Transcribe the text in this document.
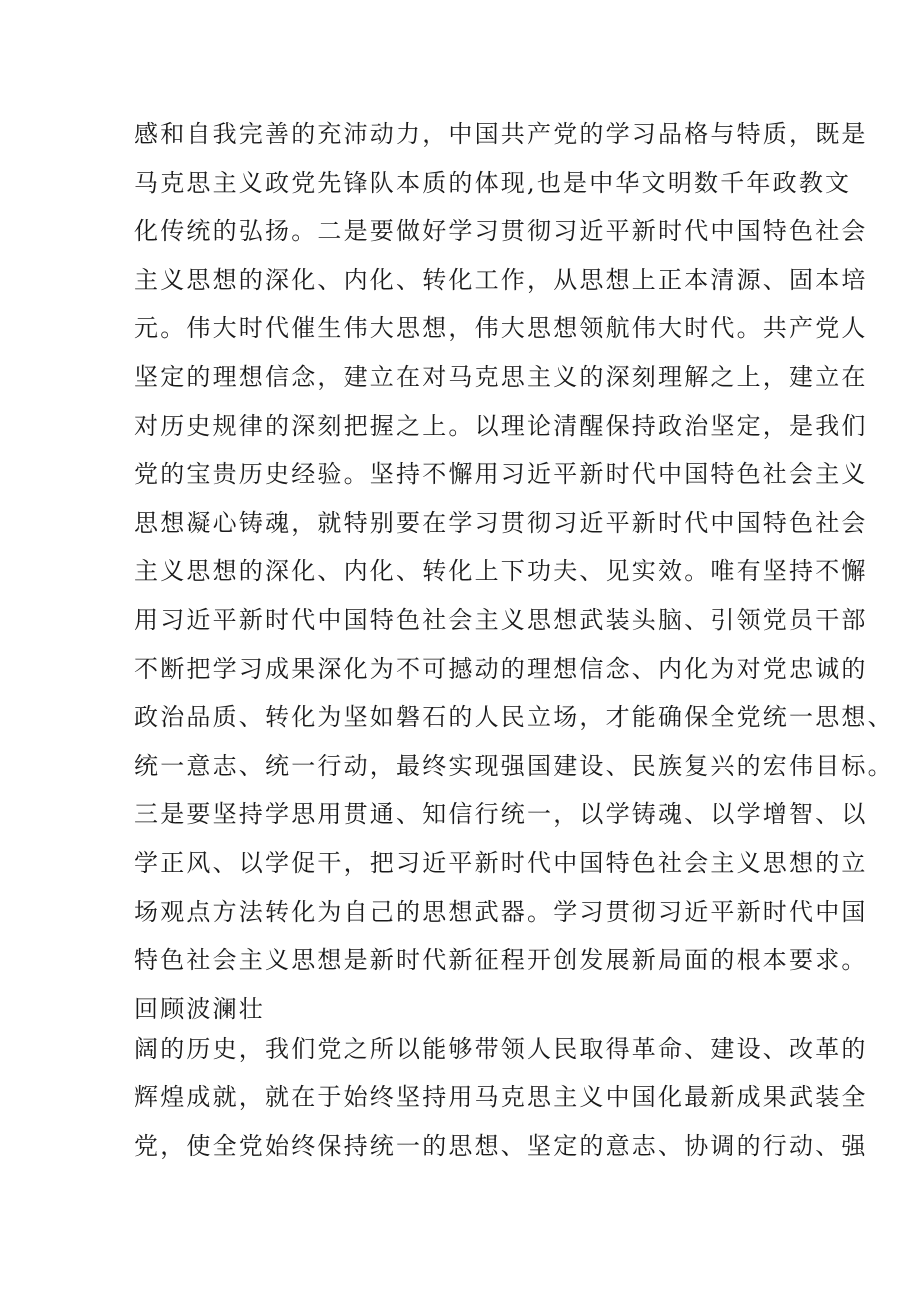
感和自我完善的充沛动力，中国共产党的学习品格与特质，既是
马克思主义政党先锋队本质的体现,也是中华文明数千年政教文
化传统的弘扬。二是要做好学习贯彻习近平新时代中国特色社会
主义思想的深化、内化、转化工作，从思想上正本清源、固本培
元。伟大时代催生伟大思想，伟大思想领航伟大时代。共产党人
坚定的理想信念，建立在对马克思主义的深刻理解之上，建立在
对历史规律的深刻把握之上。以理论清醒保持政治坚定，是我们
党的宝贵历史经验。坚持不懈用习近平新时代中国特色社会主义
思想凝心铸魂，就特别要在学习贯彻习近平新时代中国特色社会
主义思想的深化、内化、转化上下功夫、见实效。唯有坚持不懈
用习近平新时代中国特色社会主义思想武装头脑、引领党员干部
不断把学习成果深化为不可撼动的理想信念、内化为对党忠诚的
政治品质、转化为坚如磐石的人民立场，才能确保全党统一思想、
统一意志、统一行动，最终实现强国建设、民族复兴的宏伟目标。
三是要坚持学思用贯通、知信行统一，以学铸魂、以学增智、以
学正风、以学促干，把习近平新时代中国特色社会主义思想的立
场观点方法转化为自己的思想武器。学习贯彻习近平新时代中国
特色社会主义思想是新时代新征程开创发展新局面的根本要求。
回顾波澜壮
阔的历史，我们党之所以能够带领人民取得革命、建设、改革的
辉煌成就，就在于始终坚持用马克思主义中国化最新成果武装全
党，使全党始终保持统一的思想、坚定的意志、协调的行动、强
